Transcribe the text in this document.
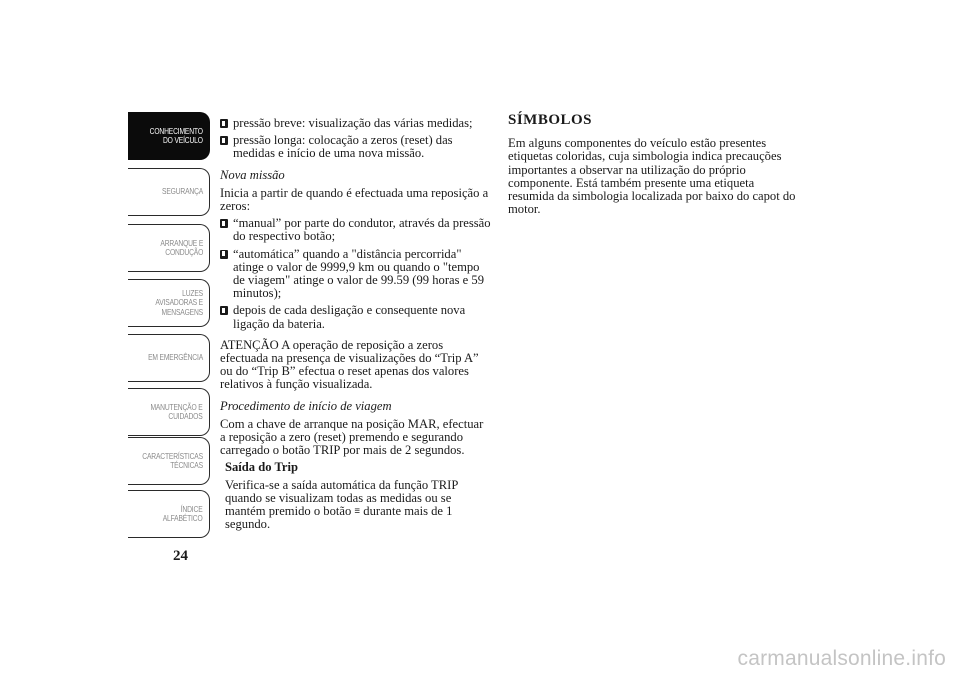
CONHECIMENTO
DO VEÍCULO
SEGURANÇA
ARRANQUE E
CONDUÇÃO
LUZES
AVISADORAS E
MENSAGENS
EM EMERGÊNCIA
MANUTENÇÃO E
CUIDADOS
CARACTERÍSTICAS
TÉCNICAS
ÍNDICE
ALFABÉTICO
24
pressão breve: visualização das várias medidas;
pressão longa: colocação a zeros (reset) das medidas e início de uma nova missão.

Nova missão

Inicia a partir de quando é efectuada uma reposição a zeros:

“manual” por parte do condutor, através da pressão do respectivo botão;
“automática” quando a "distância percorrida" atinge o valor de 9999,9 km ou quando o "tempo de viagem" atinge o valor de 99.59 (99 horas e 59 minutos);
depois de cada desligação e consequente nova ligação da bateria.

ATENÇÃO A operação de reposição a zeros efectuada na presença de visualizações do “Trip A” ou do “Trip B” efectua o reset apenas dos valores relativos à função visualizada.

Procedimento de início de viagem

Com a chave de arranque na posição MAR, efectuar a reposição a zero (reset) premendo e segurando carregado o botão TRIP por mais de 2 segundos.

Saída do Trip

Verifica-se a saída automática da função TRIP quando se visualizam todas as medidas ou se mantém premido o botão ≡ durante mais de 1 segundo.

SÍMBOLOS

Em alguns componentes do veículo estão presentes etiquetas coloridas, cuja simbologia indica precauções importantes a observar na utilização do próprio componente. Está também presente uma etiqueta resumida da simbologia localizada por baixo do capot do motor.

carmanualsonline.info
